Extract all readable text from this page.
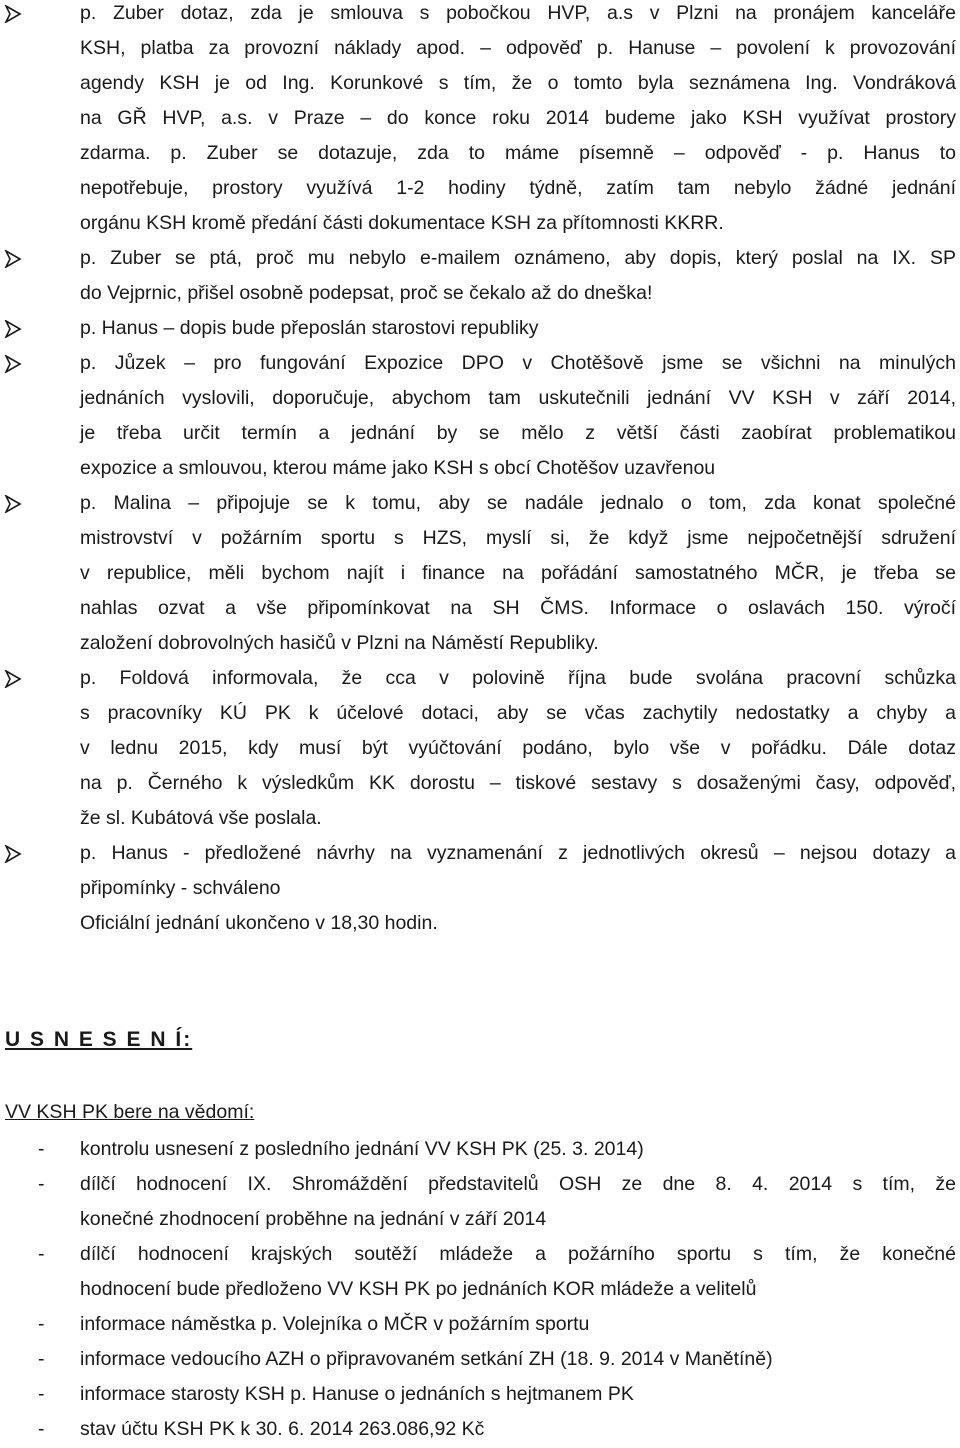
p. Zuber dotaz, zda je smlouva s pobočkou HVP, a.s v Plzni na pronájem kanceláře
KSH, platba za provozní náklady apod. – odpověď p. Hanuse – povolení k provozování
agendy KSH je od Ing. Korunkové s tím, že o tomto byla seznámena Ing. Vondráková
na GŘ HVP, a.s. v Praze – do konce roku 2014 budeme jako KSH využívat prostory
zdarma. p. Zuber se dotazuje, zda to máme písemně – odpověď - p. Hanus to
nepotřebuje, prostory využívá 1-2 hodiny týdně, zatím tam nebylo žádné jednání
orgánu KSH kromě předání části dokumentace KSH za přítomnosti KKRR.
p. Zuber se ptá, proč mu nebylo e-mailem oznámeno, aby dopis, který poslal na IX. SP
do Vejprnic, přišel osobně podepsat, proč se čekalo až do dneška!
p. Hanus – dopis bude přeposlán starostovi republiky
p. Jůzek – pro fungování Expozice DPO v Chotěšově jsme se všichni na minulých
jednáních vyslovili, doporučuje, abychom tam uskutečnili jednání VV KSH v září 2014,
je třeba určit termín a jednání by se mělo z větší části zaobírat problematikou
expozice a smlouvou, kterou máme jako KSH s obcí Chotěšov uzavřenou
p. Malina – připojuje se k tomu, aby se nadále jednalo o tom, zda konat společné
mistrovství v požárním sportu s HZS, myslí si, že když jsme nejpočetnější sdružení
v republice, měli bychom najít i finance na pořádání samostatného MČR, je třeba se
nahlas ozvat a vše připomínkovat na SH ČMS. Informace o oslavách 150. výročí
založení dobrovolných hasičů v Plzni na Náměstí Republiky.
p. Foldová informovala, že cca v polovině října bude svolána pracovní schůzka
s pracovníky KÚ PK k účelové dotaci, aby se včas zachytily nedostatky a chyby a
v lednu 2015, kdy musí být vyúčtování podáno, bylo vše v pořádku. Dále dotaz
na p. Černého k výsledkům KK dorostu – tiskové sestavy s dosaženými časy, odpověď,
že sl. Kubátová vše poslala.
p. Hanus - předložené návrhy na vyznamenání z jednotlivých okresů – nejsou dotazy a
připomínky - schváleno
Oficiální jednání ukončeno v 18,30 hodin.
U S N E S E N Í:
VV KSH PK bere na vědomí:
- kontrolu usnesení z posledního jednání VV KSH PK (25. 3. 2014)
- dílčí hodnocení IX. Shromáždění představitelů OSH ze dne 8. 4. 2014 s tím, že
konečné zhodnocení proběhne na jednání v září 2014
- dílčí hodnocení krajských soutěží mládeže a požárního sportu s tím, že konečné
hodnocení bude předloženo VV KSH PK po jednáních KOR mládeže a velitelů
- informace náměstka p. Volejníka o MČR v požárním sportu
- informace vedoucího AZH o připravovaném setkání ZH (18. 9. 2014 v Manětíně)
- informace starosty KSH p. Hanuse o jednáních s hejtmanem PK
- stav účtu KSH PK k 30. 6. 2014 263.086,92 Kč
